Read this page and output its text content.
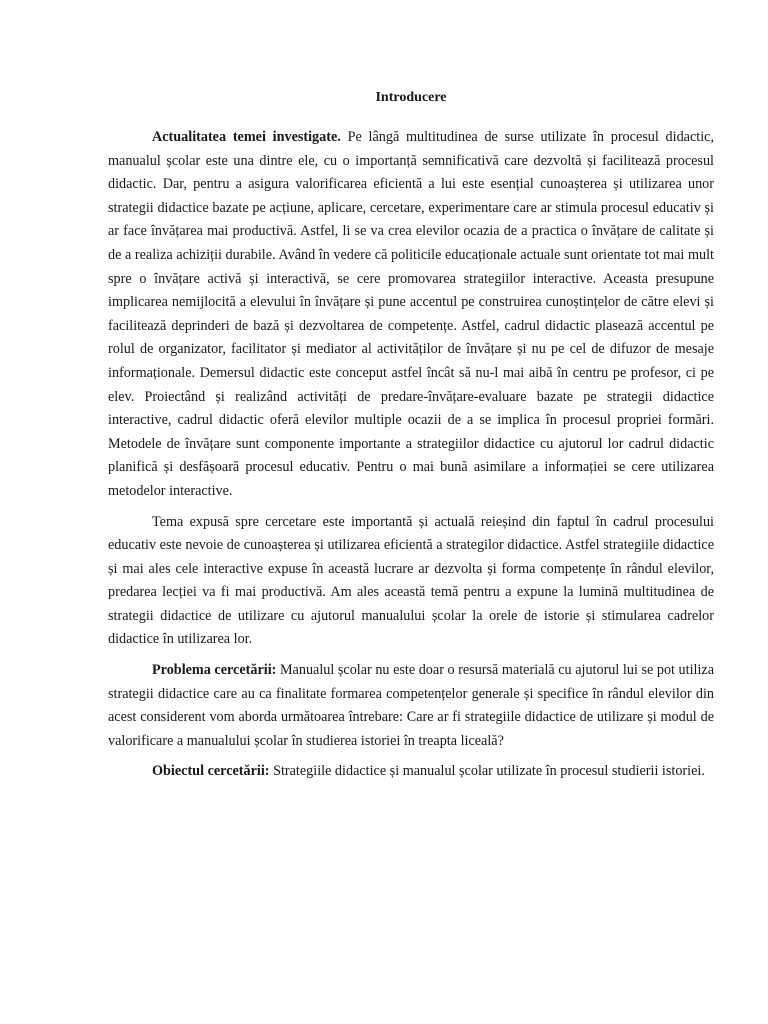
Introducere

Actualitatea temei investigate. Pe lângă multitudinea de surse utilizate în procesul didactic, manualul școlar este una dintre ele, cu o importanță semnificativă care dezvoltă și facilitează procesul didactic. Dar, pentru a asigura valorificarea eficientă a lui este esențial cunoașterea și utilizarea unor strategii didactice bazate pe acțiune, aplicare, cercetare, experimentare care ar stimula procesul educativ și ar face învățarea mai productivă. Astfel, li se va crea elevilor ocazia de a practica o învățare de calitate și de a realiza achiziții durabile. Având în vedere că politicile educaționale actuale sunt orientate tot mai mult spre o învățare activă și interactivă, se cere promovarea strategiilor interactive. Aceasta presupune implicarea nemijlocită a elevului în învățare și pune accentul pe construirea cunoștințelor de către elevi și facilitează deprinderi de bază și dezvoltarea de competențe. Astfel, cadrul didactic plasează accentul pe rolul de organizator, facilitator și mediator al activităților de învățare și nu pe cel de difuzor de mesaje informaționale. Demersul didactic este conceput astfel încât să nu-l mai aibă în centru pe profesor, ci pe elev. Proiectând și realizând activități de predare-învățare-evaluare bazate pe strategii didactice interactive, cadrul didactic oferă elevilor multiple ocazii de a se implica în procesul propriei formări. Metodele de învățare sunt componente importante a strategiilor didactice cu ajutorul lor cadrul didactic planifică și desfășoară procesul educativ. Pentru o mai bună asimilare a informației se cere utilizarea metodelor interactive.

Tema expusă spre cercetare este importantă și actuală reieșind din faptul în cadrul procesului educativ este nevoie de cunoașterea și utilizarea eficientă a strategilor didactice. Astfel strategiile didactice și mai ales cele interactive expuse în această lucrare ar dezvolta și forma competențe în rândul elevilor, predarea lecției va fi mai productivă. Am ales această temă pentru a expune la lumină multitudinea de strategii didactice de utilizare cu ajutorul manualului școlar la orele de istorie și stimularea cadrelor didactice în utilizarea lor.

Problema cercetării: Manualul școlar nu este doar o resursă materială cu ajutorul lui se pot utiliza strategii didactice care au ca finalitate formarea competențelor generale și specifice în rândul elevilor din acest considerent vom aborda următoarea întrebare: Care ar fi strategiile didactice de utilizare și modul de valorificare a manualului școlar în studierea istoriei în treapta liceală?

Obiectul cercetării: Strategiile didactice și manualul școlar utilizate în procesul studierii istoriei.
